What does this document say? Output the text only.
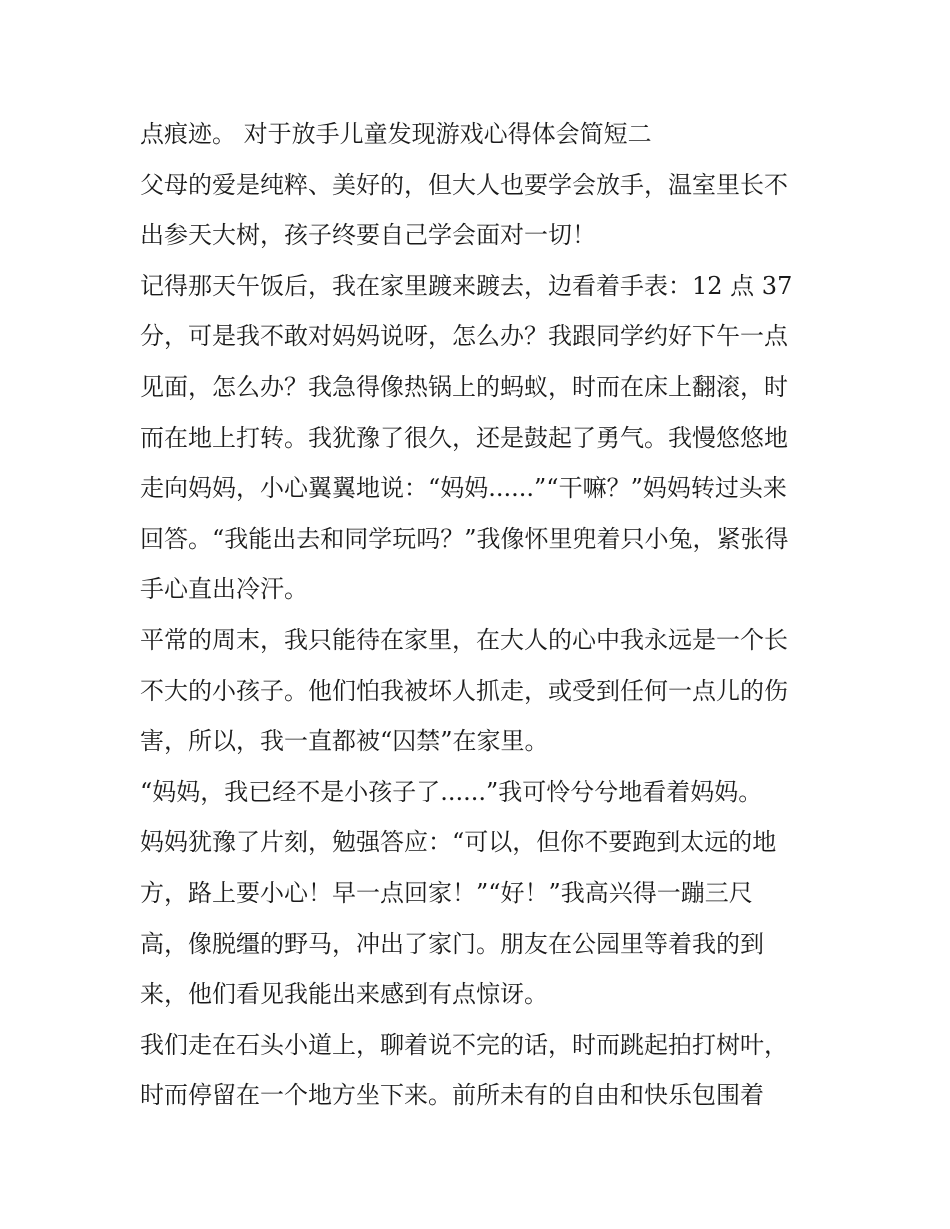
点痕迹。 对于放手儿童发现游戏心得体会简短二
父母的爱是纯粹、美好的，但大人也要学会放手，温室里长不
出参天大树，孩子终要自己学会面对一切！
记得那天午饭后，我在家里踱来踱去，边看着手表：12 点 37
分，可是我不敢对妈妈说呀，怎么办？我跟同学约好下午一点
见面，怎么办？我急得像热锅上的蚂蚁，时而在床上翻滚，时
而在地上打转。我犹豫了很久，还是鼓起了勇气。我慢悠悠地
走向妈妈，小心翼翼地说：“妈妈......”“干嘛？”妈妈转过头来
回答。“我能出去和同学玩吗？”我像怀里兜着只小兔，紧张得
手心直出冷汗。
平常的周末，我只能待在家里，在大人的心中我永远是一个长
不大的小孩子。他们怕我被坏人抓走，或受到任何一点儿的伤
害，所以，我一直都被“囚禁”在家里。
“妈妈，我已经不是小孩子了......”我可怜兮兮地看着妈妈。
妈妈犹豫了片刻，勉强答应：“可以，但你不要跑到太远的地
方，路上要小心！早一点回家！”“好！”我高兴得一蹦三尺
高，像脱缰的野马，冲出了家门。朋友在公园里等着我的到
来，他们看见我能出来感到有点惊讶。
我们走在石头小道上，聊着说不完的话，时而跳起拍打树叶，
时而停留在一个地方坐下来。前所未有的自由和快乐包围着
